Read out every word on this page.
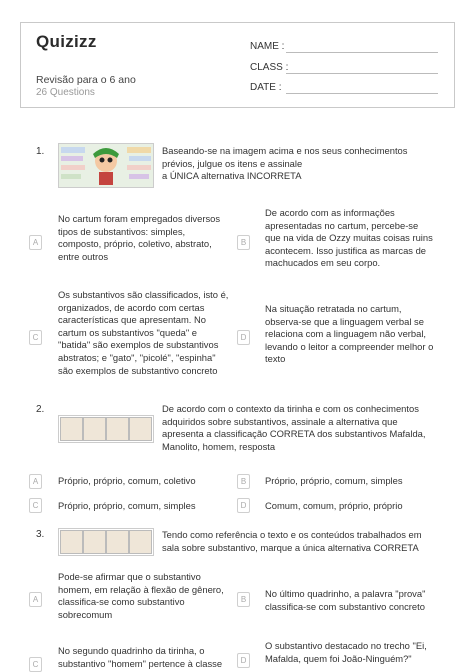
Quizizz
Revisão para o 6 ano
26 Questions
NAME :
CLASS :
DATE :
1.	Baseando-se na imagem acima e nos seus conhecimentos
prévios, julgue os itens e assinale
a ÚNICA alternativa INCORRETA
A
No cartum foram empregados diversos
tipos de substantivos: simples,
composto, próprio, coletivo, abstrato,
entre outros
B
De acordo com as informações
apresentadas no cartum, percebe-se
que na vida de Ozzy muitas coisas ruins
acontecem. Isso justifica as marcas de
machucados em seu corpo.
C
Os substantivos são classificados, isto é,
organizados, de acordo com certas
características que apresentam. No
cartum os substantivos "queda" e
"batida" são exemplos de substantivos
abstratos; e "gato", "picolé", "espinha"
são exemplos de substantivo concreto
D
Na situação retratada no cartum,
observa-se que a linguagem verbal se
relaciona com a linguagem não verbal,
levando o leitor a compreender melhor o
texto
2.	De acordo com o contexto da tirinha e com os conhecimentos
adquiridos sobre substantivos, assinale a alternativa que
apresenta a classificação CORRETA dos substantivos Mafalda,
Manolito, homem, resposta
A	Próprio, próprio, comum, coletivo	B	Próprio, próprio, comum, simples
C	Próprio, próprio, comum, simples	D	Comum, comum, próprio, próprio
3.	Tendo como referência o texto e os conteúdos trabalhados em
sala sobre substantivo, marque a única alternativa CORRETA
A
Pode-se afirmar que o substantivo
homem, em relação à flexão de gênero,
classifica-se como substantivo
sobrecomum
B
No último quadrinho, a palavra "prova"
classifica-se com substantivo concreto
C
No segundo quadrinho da tirinha, o
substantivo "homem" pertence à classe	D
O substantivo destacado no trecho "Ei,
Mafalda, quem foi João-Ninguém?"
